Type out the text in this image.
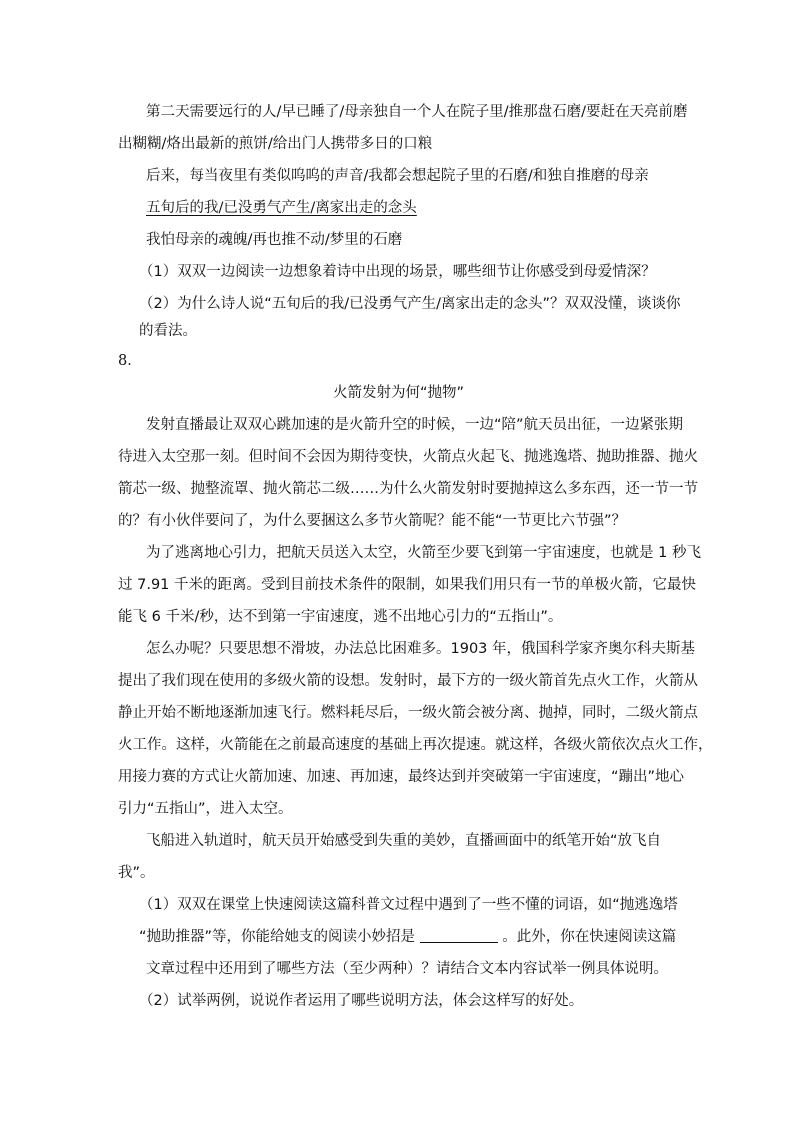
第二天需要远行的人/早已睡了/母亲独自一个人在院子里/推那盘石磨/要赶在天亮前磨
出糊糊/烙出最新的煎饼/给出门人携带多日的口粮
后来，每当夜里有类似呜呜的声音/我都会想起院子里的石磨/和独自推磨的母亲
五旬后的我/已没勇气产生/离家出走的念头
我怕母亲的魂魄/再也推不动/梦里的石磨
（1）双双一边阅读一边想象着诗中出现的场景，哪些细节让你感受到母爱情深？
（2）为什么诗人说“五旬后的我/已没勇气产生/离家出走的念头”？双双没懂，谈谈你
的看法。
8．
火箭发射为何“抛物”
发射直播最让双双心跳加速的是火箭升空的时候，一边“陪”航天员出征，一边紧张期
待进入太空那一刻。但时间不会因为期待变快，火箭点火起飞、抛逃逸塔、抛助推器、抛火
箭芯一级、抛整流罩、抛火箭芯二级……为什么火箭发射时要抛掉这么多东西，还一节一节
的？有小伙伴要问了，为什么要捆这么多节火箭呢？能不能“一节更比六节强”？
为了逃离地心引力，把航天员送入太空，火箭至少要飞到第一宇宙速度，也就是 1 秒飞
过 7.91 千米的距离。受到目前技术条件的限制，如果我们用只有一节的单极火箭，它最快
能飞 6 千米/秒，达不到第一宇宙速度，逃不出地心引力的“五指山”。
怎么办呢？只要思想不滑坡，办法总比困难多。1903 年，俄国科学家齐奥尔科夫斯基
提出了我们现在使用的多级火箭的设想。发射时，最下方的一级火箭首先点火工作，火箭从
静止开始不断地逐渐加速飞行。燃料耗尽后，一级火箭会被分离、抛掉，同时，二级火箭点
火工作。这样，火箭能在之前最高速度的基础上再次提速。就这样，各级火箭依次点火工作，
用接力赛的方式让火箭加速、加速、再加速，最终达到并突破第一宇宙速度，“蹦出”地心
引力“五指山”，进入太空。
飞船进入轨道时，航天员开始感受到失重的美妙，直播画面中的纸笔开始“放飞自
我”。
（1）双双在课堂上快速阅读这篇科普文过程中遇到了一些不懂的词语，如“抛逃逸塔
“抛助推器”等，你能给她支的阅读小妙招是	。此外，你在快速阅读这篇
文章过程中还用到了哪些方法（至少两种）？请结合文本内容试举一例具体说明。
（2）试举两例，说说作者运用了哪些说明方法，体会这样写的好处。
